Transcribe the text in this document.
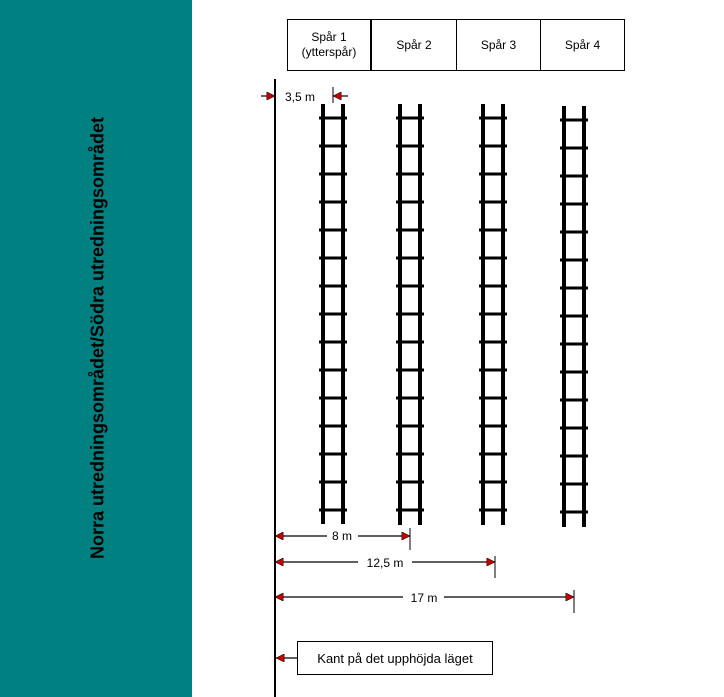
Norra utredningsområdet/Södra utredningsområdet
Spår 1
(ytterspår)
Spår 2	Spår 3	Spår 4
3,5 m
8 m
12,5 m
17 m
Kant på det upphöjda läget
